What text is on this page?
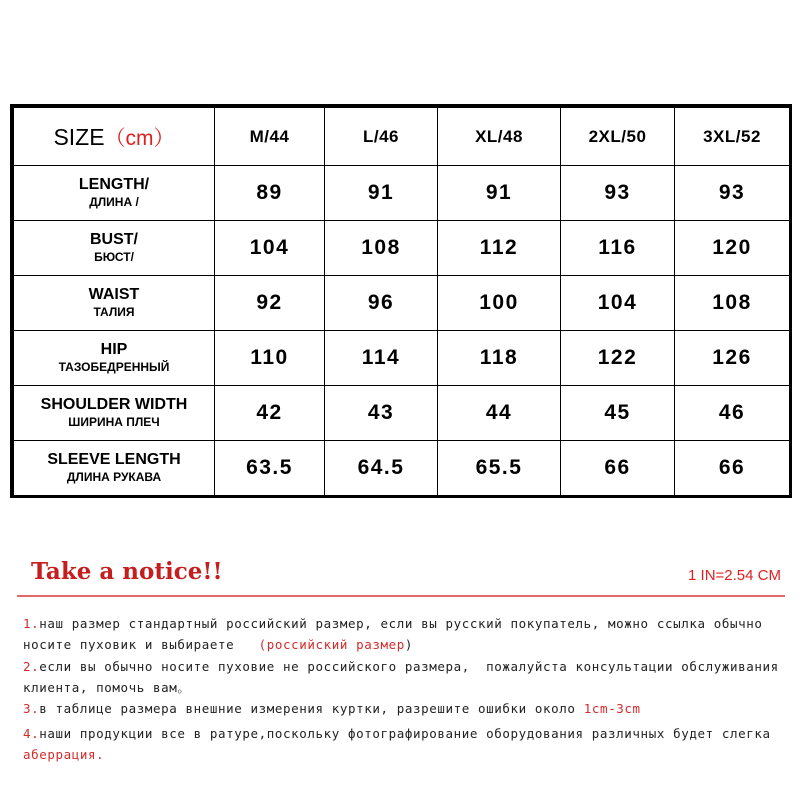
SIZE（cm）	M/44	L/46	XL/48	2XL/50	3XL/52

LENGTH/
ДЛИНА /	89	91	91	93	93

BUST/
БЮСТ/	104	108	112	116	120

WAIST
ТАЛИЯ	92	96	100	104	108

HIP
ТАЗОБЕДРЕННЫЙ	110	114	118	122	126

SHOULDER WIDTH
ШИРИНА ПЛЕЧ	42	43	44	45	46

SLEEVE LENGTH
ДЛИНА РУКАВА	63.5	64.5	65.5	66	66
Take a notice!!	1 IN=2.54 CM
1.наш размер стандартный российский размер, если вы русский покупатель, можно ссылка обычно носите пуховик и выбираете   (российский размер)
2.если вы обычно носите пуховие не российского размера,  пожалуйста консультации обслуживания клиента, помочь вам。
3.в таблице размера внешние измерения куртки, разрешите ошибки около 1cm-3cm
4.наши продукции все в ратуре,поскольку фотографирование оборудования различных будет слегка аберрация.
